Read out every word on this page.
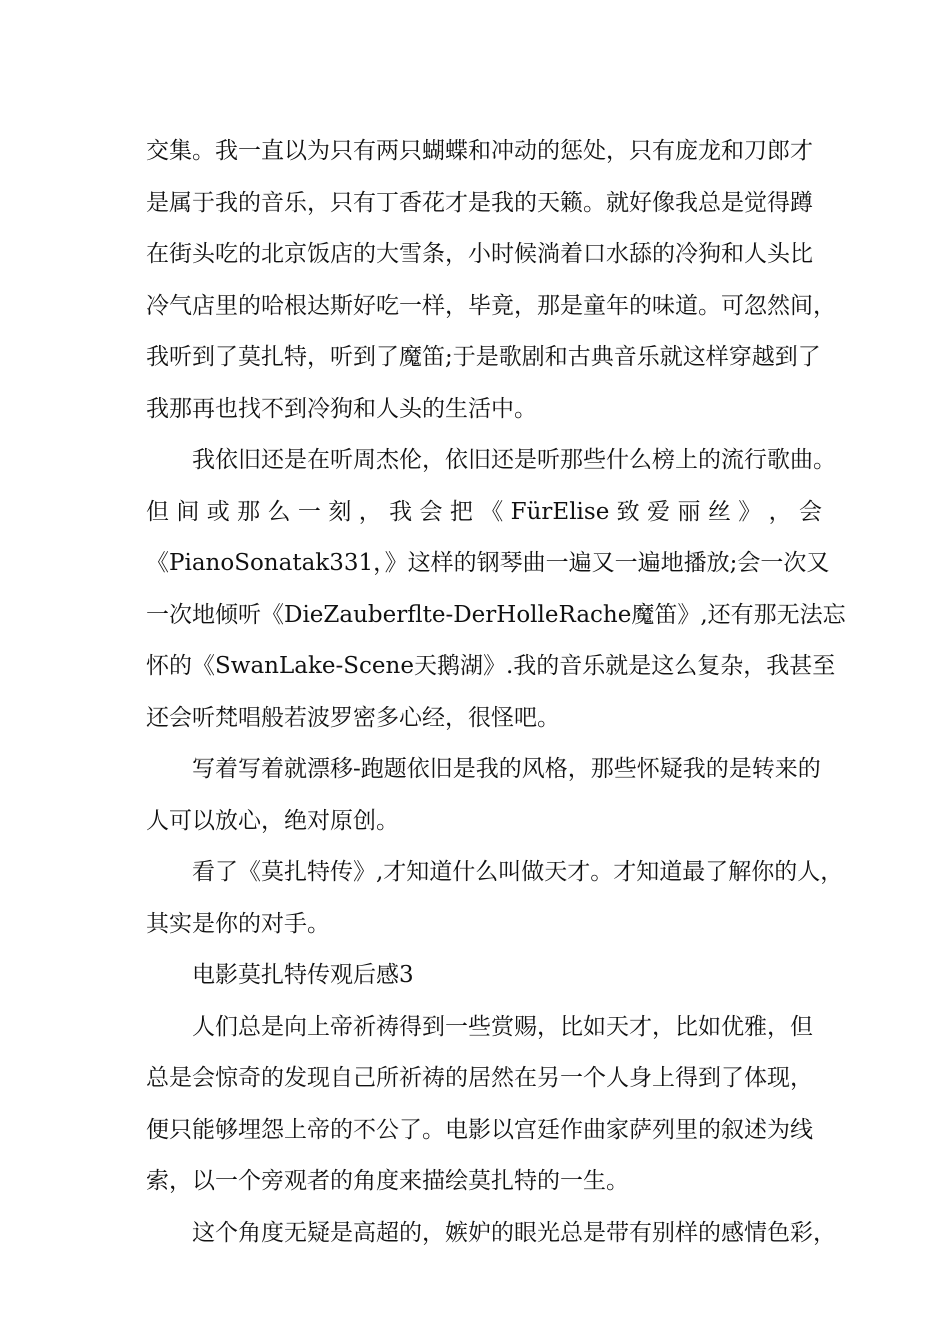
交集。我一直以为只有两只蝴蝶和冲动的惩处，只有庞龙和刀郎才
是属于我的音乐，只有丁香花才是我的天籁。就好像我总是觉得蹲
在街头吃的北京饭店的大雪条，小时候淌着口水舔的冷狗和人头比
冷气店里的哈根达斯好吃一样，毕竟，那是童年的味道。可忽然间，
我听到了莫扎特，听到了魔笛;于是歌剧和古典音乐就这样穿越到了
我那再也找不到冷狗和人头的生活中。
我依旧还是在听周杰伦，依旧还是听那些什么榜上的流行歌曲。
但 间 或 那 么 一 刻 ， 我 会 把 《 FürElise 致 爱 丽 丝 》 ， 会
《PianoSonatak331，》这样的钢琴曲一遍又一遍地播放;会一次又
一次地倾听《DieZauberflte-DerHolleRache魔笛》,还有那无法忘
怀的《SwanLake-Scene天鹅湖》.我的音乐就是这么复杂，我甚至
还会听梵唱般若波罗密多心经，很怪吧。
写着写着就漂移-跑题依旧是我的风格，那些怀疑我的是转来的
人可以放心，绝对原创。
看了《莫扎特传》,才知道什么叫做天才。才知道最了解你的人，
其实是你的对手。
电影莫扎特传观后感3
人们总是向上帝祈祷得到一些赏赐，比如天才，比如优雅，但
总是会惊奇的发现自己所祈祷的居然在另一个人身上得到了体现，
便只能够埋怨上帝的不公了。电影以宫廷作曲家萨列里的叙述为线
索，以一个旁观者的角度来描绘莫扎特的一生。
这个角度无疑是高超的，嫉妒的眼光总是带有别样的感情色彩，
